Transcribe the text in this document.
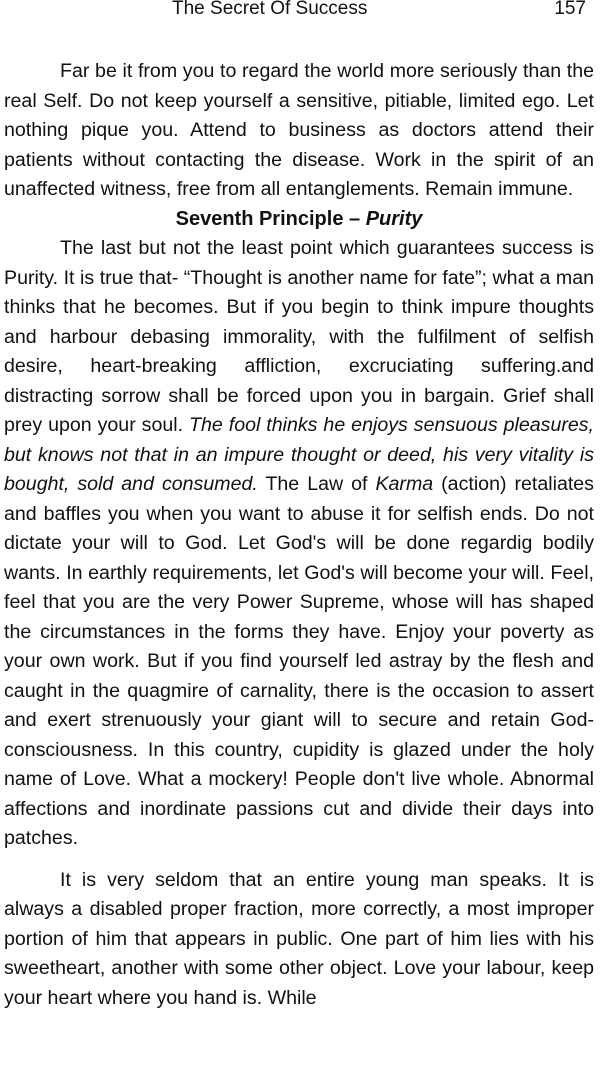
The Secret Of Success	157

Far be it from you to regard the world more seriously than the real Self. Do not keep yourself a sensitive, pitiable, limited ego. Let nothing pique you. Attend to business as doctors attend their patients without contacting the disease. Work in the spirit of an unaffected witness, free from all entanglements. Remain immune.

Seventh Principle – Purity

The last but not the least point which guarantees success is Purity. It is true that- “Thought is another name for fate”; what a man thinks that he becomes. But if you begin to think impure thoughts and harbour debasing immorality, with the fulfilment of selfish desire, heart-breaking affliction, excruciating suffering.and distracting sorrow shall be forced upon you in bargain. Grief shall prey upon your soul. The fool thinks he enjoys sensuous pleasures, but knows not that in an impure thought or deed, his very vitality is bought, sold and consumed. The Law of Karma (action) retaliates and baffles you when you want to abuse it for selfish ends. Do not dictate your will to God. Let God's will be done regardig bodily wants. In earthly requirements, let God's will become your will. Feel, feel that you are the very Power Supreme, whose will has shaped the circumstances in the forms they have. Enjoy your poverty as your own work. But if you find yourself led astray by the flesh and caught in the quagmire of carnality, there is the occasion to assert and exert strenuously your giant will to secure and retain God-consciousness. In this country, cupidity is glazed under the holy name of Love. What a mockery! People don't live whole. Abnormal affections and inordinate passions cut and divide their days into patches.

It is very seldom that an entire young man speaks. It is always a disabled proper fraction, more correctly, a most improper portion of him that appears in public. One part of him lies with his sweetheart, another with some other object. Love your labour, keep your heart where you hand is. While
